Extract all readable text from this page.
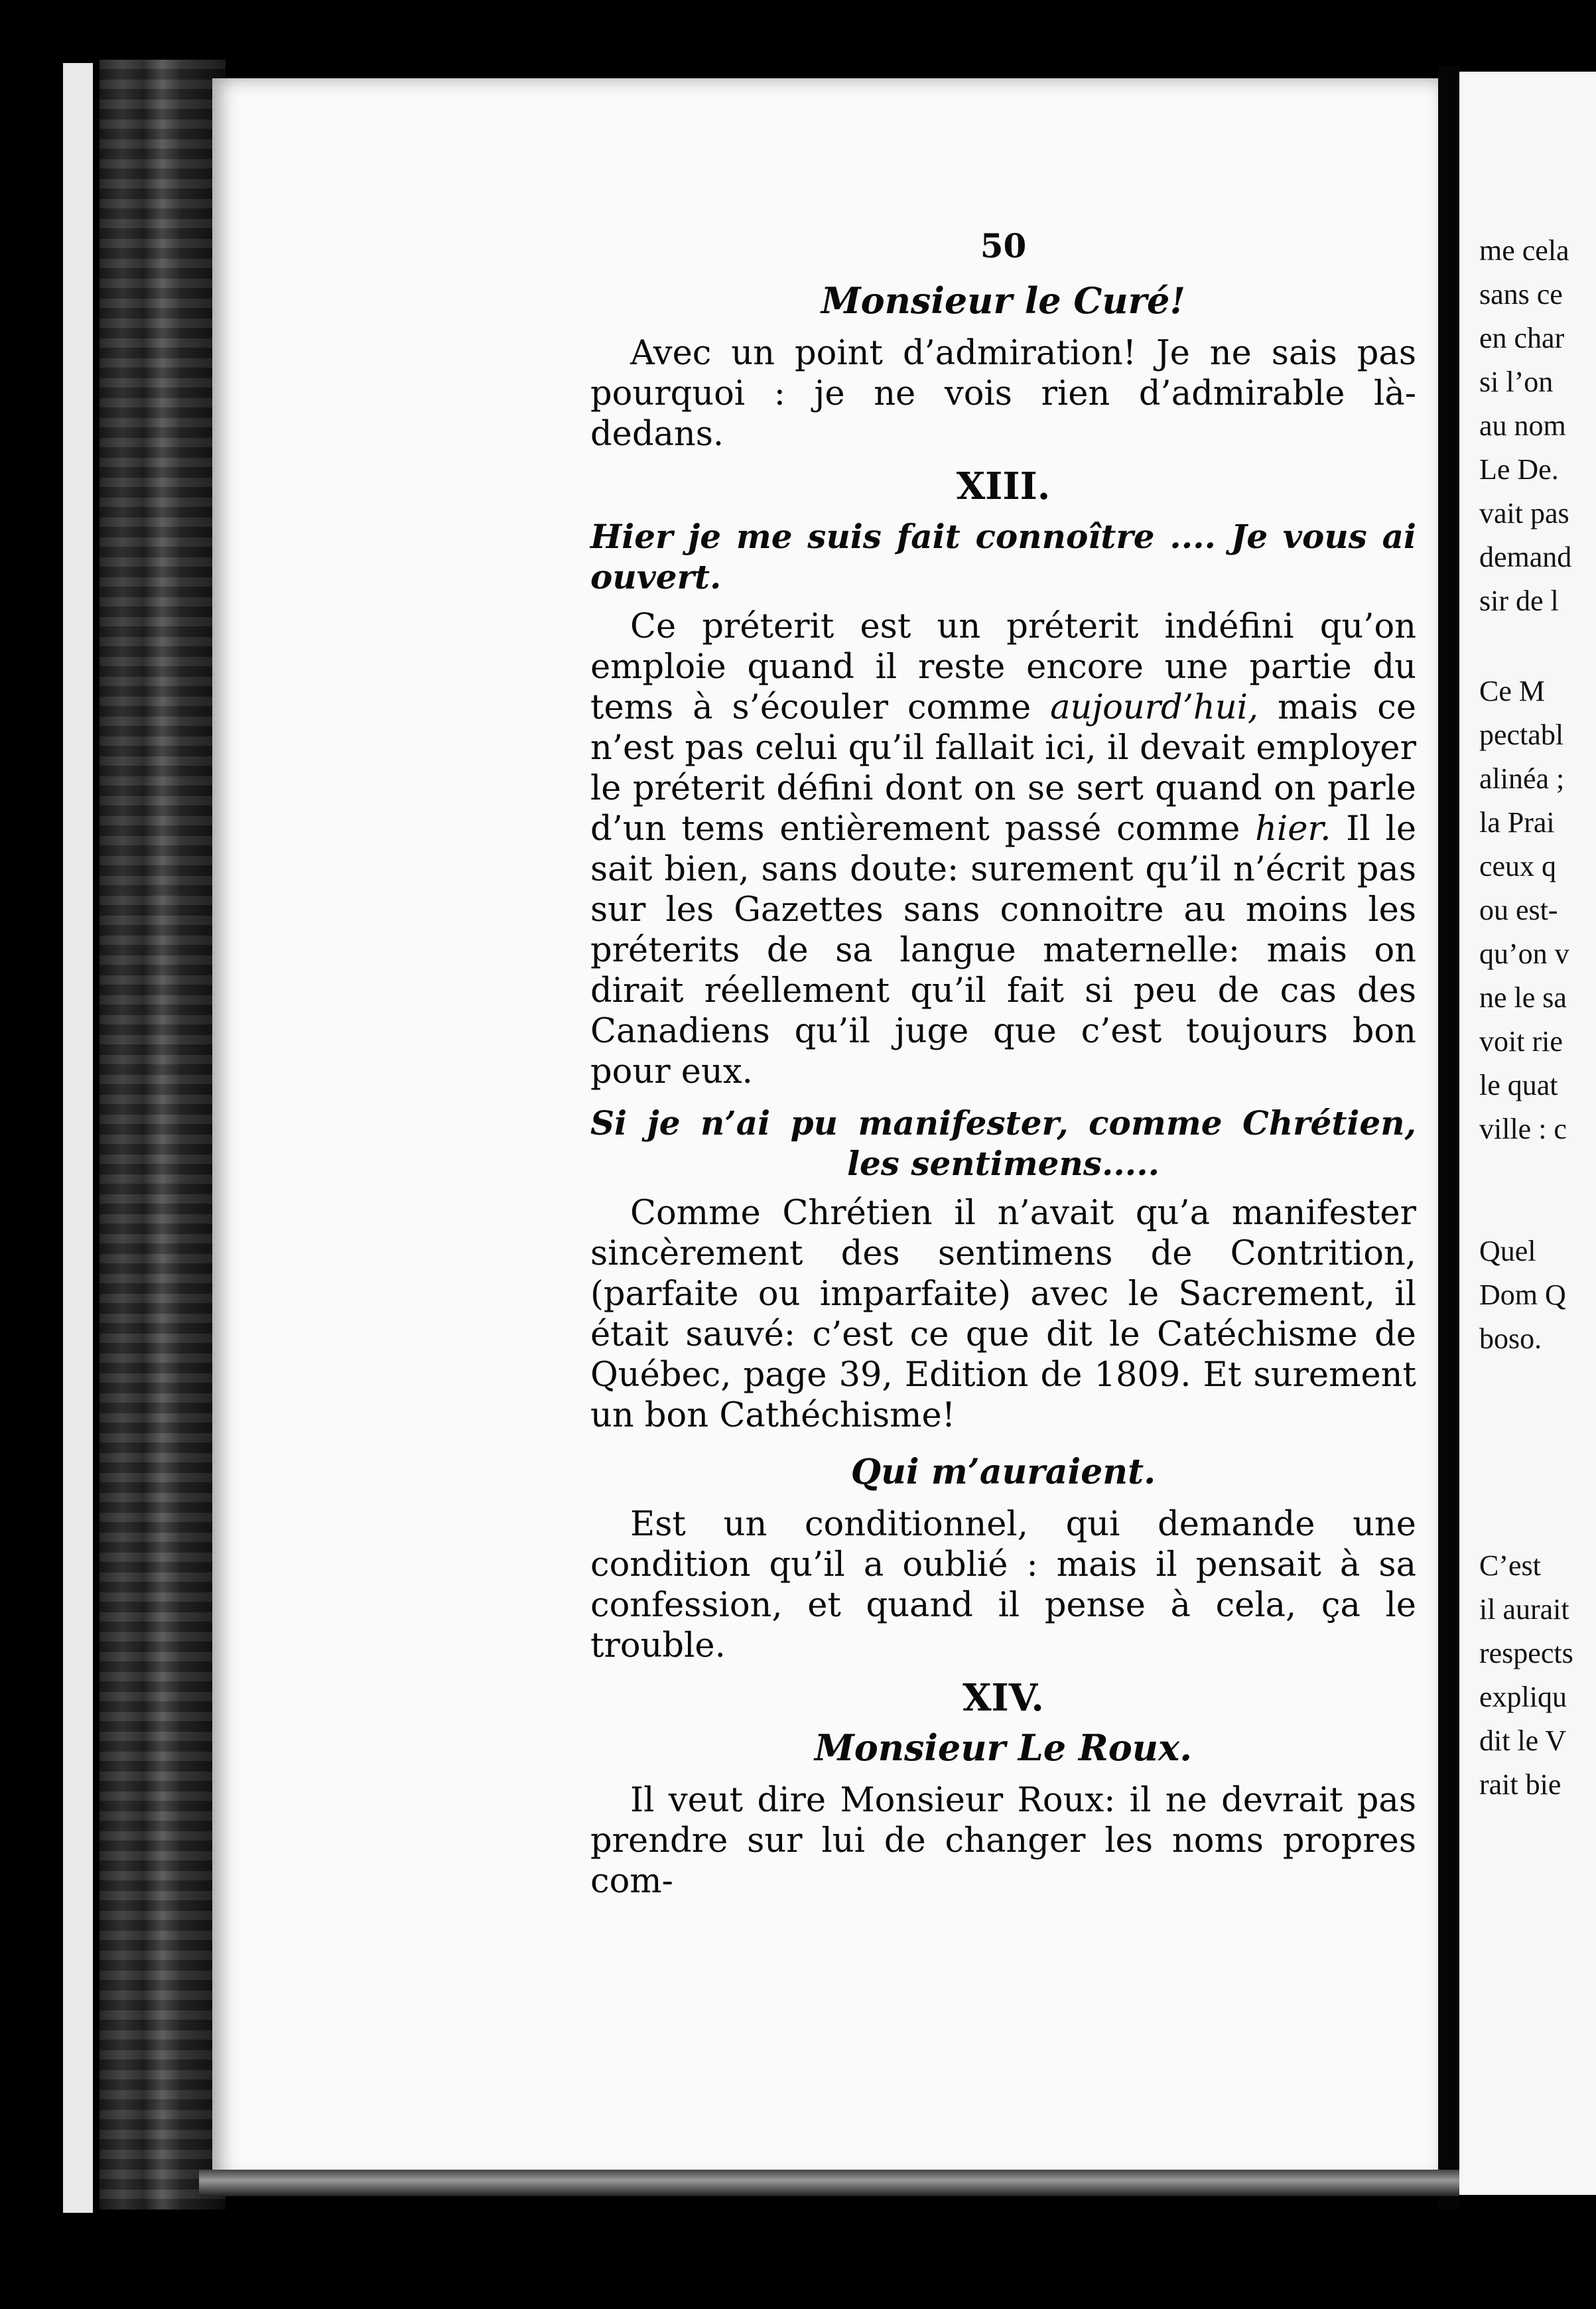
50
Monsieur le Curé!

Avec un point d’admiration! Je ne sais pas pourquoi : je ne vois rien d’admirable là-dedans.

XIII.
Hier je me suis fait connoître .... Je vous ai ouvert.

Ce préterit est un préterit indéfini qu’on emploie quand il reste encore une partie du tems à s’écouler comme aujourd’hui, mais ce n’est pas celui qu’il fallait ici, il devait employer le préterit défini dont on se sert quand on parle d’un tems entièrement passé comme hier. Il le sait bien, sans doute: surement qu’il n’écrit pas sur les Gazettes sans connoitre au moins les préterits de sa langue maternelle: mais on dirait réellement qu’il fait si peu de cas des Canadiens qu’il juge que c’est toujours bon pour eux.

Si je n’ai pu manifester, comme Chrétien, les sentimens.....

Comme Chrétien il n’avait qu’a manifester sincèrement des sentimens de Contrition, (parfaite ou imparfaite) avec le Sacrement, il était sauvé: c’est ce que dit le Catéchisme de Québec, page 39, Edition de 1809. Et surement un bon Cathéchisme!

Qui m’auraient.

Est un conditionnel, qui demande une condition qu’il a oublié : mais il pensait à sa confession, et quand il pense à cela, ça le trouble.

XIV.
Monsieur Le Roux.

Il veut dire Monsieur Roux: il ne devrait pas prendre sur lui de changer les noms propres com-

me cela
sans ce
en char
si l’on
au nom
Le De.
vait pas
demand
sir de l
Ce M
pectabl
alinéa ;
la Prai
ceux q
ou est-
qu’on v
ne le sa
voit rie
le quat
ville : c
Quel
Dom Q
boso.
C’est
il aurait
respects
expliqu
dit le V
rait bie
